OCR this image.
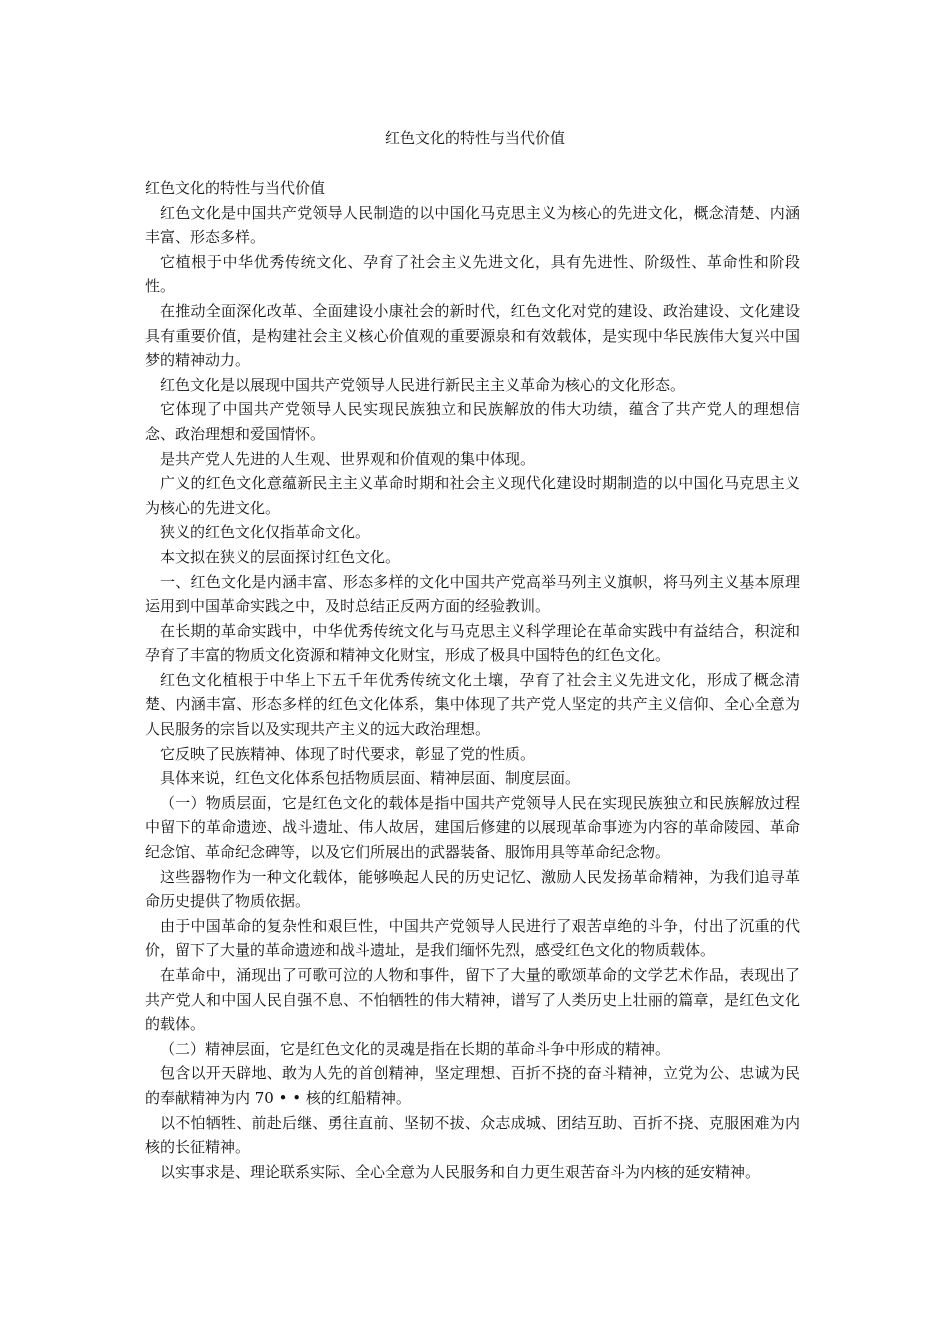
红色文化的特性与当代价值

红色文化的特性与当代价值

红色文化是中国共产党领导人民制造的以中国化马克思主义为核心的先进文化，概念清楚、内涵丰富、形态多样。

它植根于中华优秀传统文化、孕育了社会主义先进文化，具有先进性、阶级性、革命性和阶段性。

在推动全面深化改革、全面建设小康社会的新时代，红色文化对党的建设、政治建设、文化建设具有重要价值，是构建社会主义核心价值观的重要源泉和有效载体，是实现中华民族伟大复兴中国梦的精神动力。

红色文化是以展现中国共产党领导人民进行新民主主义革命为核心的文化形态。

它体现了中国共产党领导人民实现民族独立和民族解放的伟大功绩，蕴含了共产党人的理想信念、政治理想和爱国情怀。

是共产党人先进的人生观、世界观和价值观的集中体现。

广义的红色文化意蕴新民主主义革命时期和社会主义现代化建设时期制造的以中国化马克思主义为核心的先进文化。

狭义的红色文化仅指革命文化。

本文拟在狭义的层面探讨红色文化。

一、红色文化是内涵丰富、形态多样的文化中国共产党高举马列主义旗帜，将马列主义基本原理运用到中国革命实践之中，及时总结正反两方面的经验教训。

在长期的革命实践中，中华优秀传统文化与马克思主义科学理论在革命实践中有益结合，积淀和孕育了丰富的物质文化资源和精神文化财宝，形成了极具中国特色的红色文化。

红色文化植根于中华上下五千年优秀传统文化土壤，孕育了社会主义先进文化，形成了概念清楚、内涵丰富、形态多样的红色文化体系，集中体现了共产党人坚定的共产主义信仰、全心全意为人民服务的宗旨以及实现共产主义的远大政治理想。

它反映了民族精神、体现了时代要求，彰显了党的性质。

具体来说，红色文化体系包括物质层面、精神层面、制度层面。

（一）物质层面，它是红色文化的载体是指中国共产党领导人民在实现民族独立和民族解放过程中留下的革命遗迹、战斗遗址、伟人故居，建国后修建的以展现革命事迹为内容的革命陵园、革命纪念馆、革命纪念碑等，以及它们所展出的武器装备、服饰用具等革命纪念物。

这些器物作为一种文化载体，能够唤起人民的历史记忆、激励人民发扬革命精神，为我们追寻革命历史提供了物质依据。

由于中国革命的复杂性和艰巨性，中国共产党领导人民进行了艰苦卓绝的斗争，付出了沉重的代价，留下了大量的革命遗迹和战斗遗址，是我们缅怀先烈，感受红色文化的物质载体。

在革命中，涌现出了可歌可泣的人物和事件，留下了大量的歌颂革命的文学艺术作品，表现出了共产党人和中国人民自强不息、不怕牺牲的伟大精神，谱写了人类历史上壮丽的篇章，是红色文化的载体。

（二）精神层面，它是红色文化的灵魂是指在长期的革命斗争中形成的精神。

包含以开天辟地、敢为人先的首创精神，坚定理想、百折不挠的奋斗精神，立党为公、忠诚为民的奉献精神为内 70 • • 核的红船精神。

以不怕牺牲、前赴后继、勇往直前、坚韧不拔、众志成城、团结互助、百折不挠、克服困难为内核的长征精神。

以实事求是、理论联系实际、全心全意为人民服务和自力更生艰苦奋斗为内核的延安精神。
